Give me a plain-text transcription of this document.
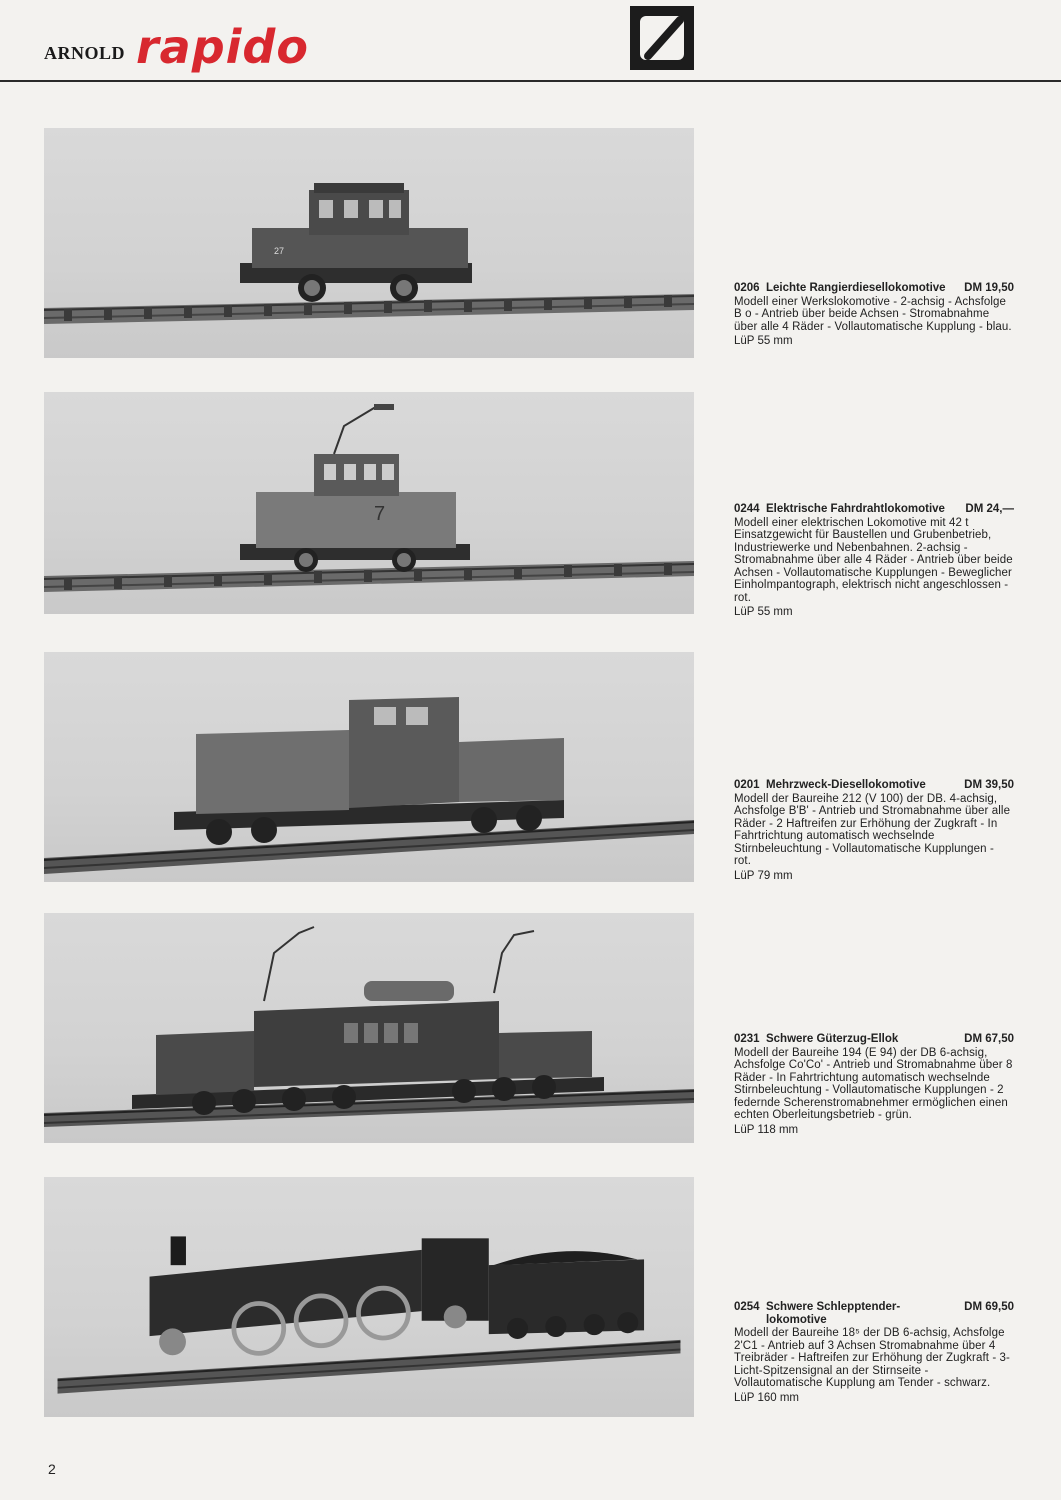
ARNOLD rapido
27
0206 Leichte Rangierdiesellokomotive DM 19,50
Modell einer Werkslokomotive - 2-achsig - Achsfolge B o - Antrieb über beide Achsen - Stromabnahme über alle 4 Räder - Vollautomatische Kupplung - blau.
LüP 55 mm
7	0244 Elektrische Fahrdrahtlokomotive DM 24,—
Modell einer elektrischen Lokomotive mit 42 t Einsatzgewicht für Baustellen und Grubenbetrieb, Industriewerke und Nebenbahnen. 2-achsig - Stromabnahme über alle 4 Räder - Antrieb über beide Achsen - Vollautomatische Kupplungen - Beweglicher Einholmpantograph, elektrisch nicht angeschlossen - rot.
LüP 55 mm
0201 Mehrzweck-Diesellokomotive	DM 39,50
Modell der Baureihe 212 (V 100) der DB. 4-achsig, Achsfolge B'B' - Antrieb und Stromabnahme über alle Räder - 2 Haftreifen zur Erhöhung der Zugkraft - In Fahrtrichtung automatisch wechselnde Stirnbeleuchtung - Vollautomatische Kupplungen - rot.
LüP 79 mm
0231 Schwere Güterzug-Ellok	DM 67,50
Modell der Baureihe 194 (E 94) der DB 6-achsig, Achsfolge Co'Co' - Antrieb und Stromabnahme über 8 Räder - In Fahrtrichtung automatisch wechselnde Stirnbeleuchtung - Vollautomatische Kupplungen - 2 federnde Scherenstromabnehmer ermöglichen einen echten Oberleitungsbetrieb - grün.
LüP 118 mm
0254 Schwere Schlepptender-lokomotive
DM 69,50
Modell der Baureihe 18⁵ der DB 6-achsig, Achsfolge 2'C1 - Antrieb auf 3 Achsen Stromabnahme über 4 Treibräder - Haftreifen zur Erhöhung der Zugkraft - 3-Licht-Spitzensignal an der Stirnseite - Vollautomatische Kupplung am Tender - schwarz.
LüP 160 mm
2
